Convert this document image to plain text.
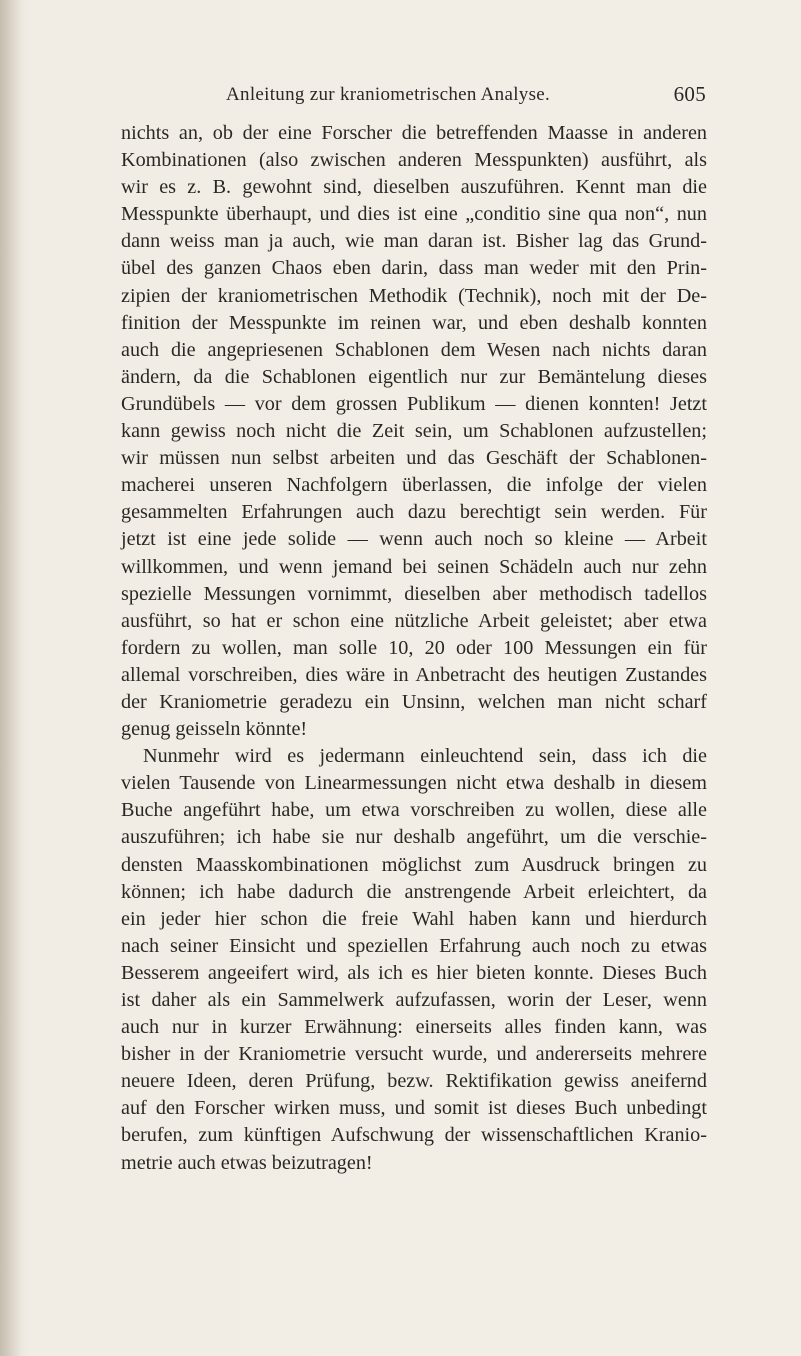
Anleitung zur kraniometrischen Analyse.	605
nichts an, ob der eine Forscher die betreffenden Maasse in anderen
Kombinationen (also zwischen anderen Messpunkten) ausführt, als
wir es z. B. gewohnt sind, dieselben auszuführen. Kennt man die
Messpunkte überhaupt, und dies ist eine „conditio sine qua non“, nun
dann weiss man ja auch, wie man daran ist. Bisher lag das Grund-
übel des ganzen Chaos eben darin, dass man weder mit den Prin-
zipien der kraniometrischen Methodik (Technik), noch mit der De-
finition der Messpunkte im reinen war, und eben deshalb konnten
auch die angepriesenen Schablonen dem Wesen nach nichts daran
ändern, da die Schablonen eigentlich nur zur Bemäntelung dieses
Grundübels — vor dem grossen Publikum — dienen konnten! Jetzt
kann gewiss noch nicht die Zeit sein, um Schablonen aufzustellen;
wir müssen nun selbst arbeiten und das Geschäft der Schablonen-
macherei unseren Nachfolgern überlassen, die infolge der vielen
gesammelten Erfahrungen auch dazu berechtigt sein werden. Für
jetzt ist eine jede solide — wenn auch noch so kleine — Arbeit
willkommen, und wenn jemand bei seinen Schädeln auch nur zehn
spezielle Messungen vornimmt, dieselben aber methodisch tadellos
ausführt, so hat er schon eine nützliche Arbeit geleistet; aber etwa
fordern zu wollen, man solle 10, 20 oder 100 Messungen ein für
allemal vorschreiben, dies wäre in Anbetracht des heutigen Zustandes
der Kraniometrie geradezu ein Unsinn, welchen man nicht scharf
genug geisseln könnte!
Nunmehr wird es jedermann einleuchtend sein, dass ich die
vielen Tausende von Linearmessungen nicht etwa deshalb in diesem
Buche angeführt habe, um etwa vorschreiben zu wollen, diese alle
auszuführen; ich habe sie nur deshalb angeführt, um die verschie-
densten Maasskombinationen möglichst zum Ausdruck bringen zu
können; ich habe dadurch die anstrengende Arbeit erleichtert, da
ein jeder hier schon die freie Wahl haben kann und hierdurch
nach seiner Einsicht und speziellen Erfahrung auch noch zu etwas
Besserem angeeifert wird, als ich es hier bieten konnte. Dieses Buch
ist daher als ein Sammelwerk aufzufassen, worin der Leser, wenn
auch nur in kurzer Erwähnung: einerseits alles finden kann, was
bisher in der Kraniometrie versucht wurde, und andererseits mehrere
neuere Ideen, deren Prüfung, bezw. Rektifikation gewiss aneifernd
auf den Forscher wirken muss, und somit ist dieses Buch unbedingt
berufen, zum künftigen Aufschwung der wissenschaftlichen Kranio-
metrie auch etwas beizutragen!
